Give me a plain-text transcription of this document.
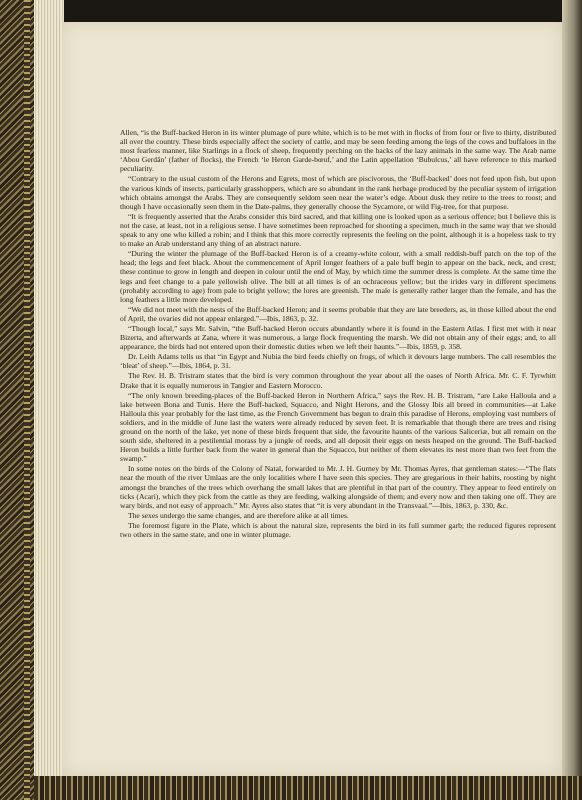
Allen, “is the Buff-backed Heron in its winter plumage of pure white, which is to be met with in flocks of from four or five to thirty, distributed all over the country. These birds especially affect the society of cattle, and may be seen feeding among the legs of the cows and buffaloes in the most fearless manner, like Starlings in a flock of sheep, frequently perching on the backs of the lazy animals in the same way. The Arab name ‘Abou Gerdân’ (father of flocks), the French ‘le Heron Garde-bœuf,’ and the Latin appellation ‘Bubulcus,’ all have reference to this marked peculiarity.

“Contrary to the usual custom of the Herons and Egrets, most of which are piscivorous, the ‘Buff-backed’ does not feed upon fish, but upon the various kinds of insects, particularly grasshoppers, which are so abundant in the rank herbage produced by the peculiar system of irrigation which obtains amongst the Arabs. They are consequently seldom seen near the water’s edge. About dusk they retire to the trees to roost; and though I have occasionally seen them in the Date-palms, they generally choose the Sycamore, or wild Fig-tree, for that purpose.

“It is frequently asserted that the Arabs consider this bird sacred, and that killing one is looked upon as a serious offence; but I believe this is not the case, at least, not in a religious sense. I have sometimes been reproached for shooting a specimen, much in the same way that we should speak to any one who killed a robin; and I think that this more correctly represents the feeling on the point, although it is a hopeless task to try to make an Arab understand any thing of an abstract nature.

“During the winter the plumage of the Buff-backed Heron is of a creamy-white colour, with a small reddish-buff patch on the top of the head; the legs and feet black. About the commencement of April longer feathers of a pale buff begin to appear on the back, neck, and crest; these continue to grow in length and deepen in colour until the end of May, by which time the summer dress is complete. At the same time the legs and feet change to a pale yellowish olive. The bill at all times is of an ochraceous yellow; but the irides vary in different specimens (probably according to age) from pale to bright yellow; the lores are greenish. The male is generally rather larger than the female, and has the long feathers a little more developed.

“We did not meet with the nests of the Buff-backed Heron; and it seems probable that they are late breeders, as, in those killed about the end of April, the ovaries did not appear enlarged.”—Ibis, 1863, p. 32.

“Though local,” says Mr. Salvin, “the Buff-backed Heron occurs abundantly where it is found in the Eastern Atlas. I first met with it near Bizerta, and afterwards at Zana, where it was numerous, a large flock frequenting the marsh. We did not obtain any of their eggs; and, to all appearance, the birds had not entered upon their domestic duties when we left their haunts.”—Ibis, 1859, p. 358.

Dr. Leith Adams tells us that “in Egypt and Nubia the bird feeds chiefly on frogs, of which it devours large numbers. The call resembles the ‘bleat’ of sheep.”—Ibis, 1864, p. 31.

The Rev. H. B. Tristram states that the bird is very common throughout the year about all the oases of North Africa. Mr. C. F. Tyrwhitt Drake that it is equally numerous in Tangier and Eastern Morocco.

“The only known breeding-places of the Buff-backed Heron in Northern Africa,” says the Rev. H. B. Tristram, “are Lake Halloula and a lake between Bona and Tunis. Here the Buff-backed, Squacco, and Night Herons, and the Glossy Ibis all breed in communities—at Lake Halloula this year probably for the last time, as the French Government has begun to drain this paradise of Herons, employing vast numbers of soldiers, and in the middle of June last the waters were already reduced by seven feet. It is remarkable that though there are trees and rising ground on the north of the lake, yet none of these birds frequent that side, the favourite haunts of the various Saliceriæ, but all remain on the south side, sheltered in a pestilential morass by a jungle of reeds, and all deposit their eggs on nests heaped on the ground. The Buff-backed Heron builds a little further back from the water in general than the Squacco, but neither of them elevates its nest more than two feet from the swamp.”

In some notes on the birds of the Colony of Natal, forwarded to Mr. J. H. Gurney by Mr. Thomas Ayres, that gentleman states:—“The flats near the mouth of the river Umlaas are the only localities where I have seen this species. They are gregarious in their habits, roosting by night amongst the branches of the trees which overhang the small lakes that are plentiful in that part of the country. They appear to feed entirely on ticks (Acari), which they pick from the cattle as they are feeding, walking alongside of them; and every now and then taking one off. They are wary birds, and not easy of approach.” Mr. Ayres also states that “it is very abundant in the Transvaal.”—Ibis, 1863, p. 330, &c.

The sexes undergo the same changes, and are therefore alike at all times.

The foremost figure in the Plate, which is about the natural size, represents the bird in its full summer garb; the reduced figures represent two others in the same state, and one in winter plumage.
